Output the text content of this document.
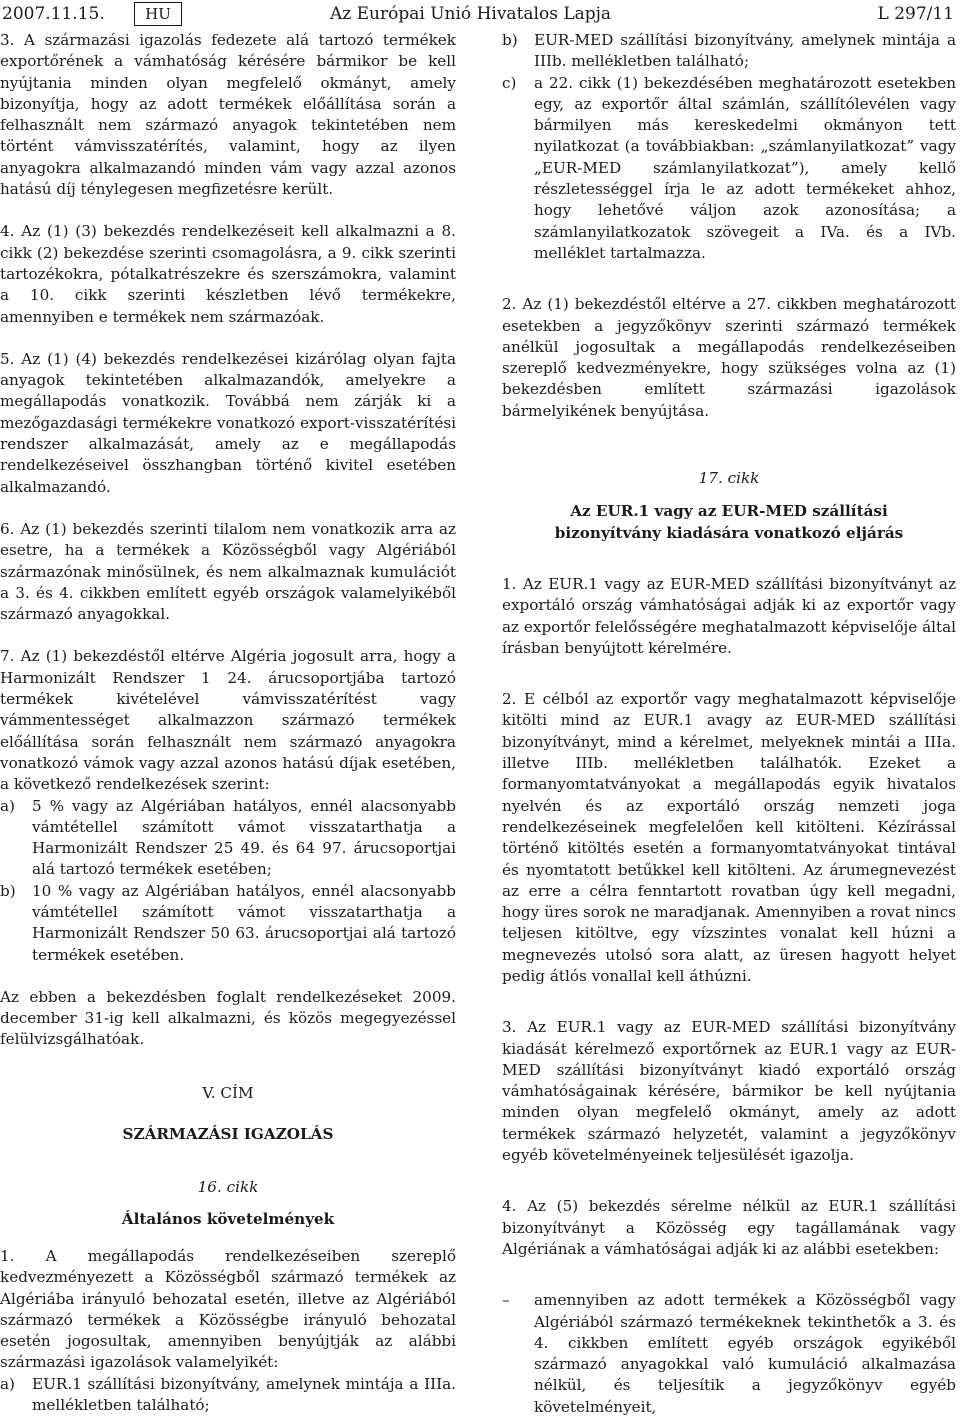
2007.11.15.	HU	Az Európai Unió Hivatalos Lapja	L 297/11

3. A származási igazolás fedezete alá tartozó termékek exportőrének a vámhatóság kérésére bármikor be kell nyújtania minden olyan megfelelő okmányt, amely bizonyítja, hogy az adott termékek előállítása során a felhasznált nem származó anyagok tekintetében nem történt vámvisszatérítés, valamint, hogy az ilyen anyagokra alkalmazandó minden vám vagy azzal azonos hatású díj ténylegesen megfizetésre került.

4. Az (1) (3) bekezdés rendelkezéseit kell alkalmazni a 8. cikk (2) bekezdése szerinti csomagolásra, a 9. cikk szerinti tartozékokra, pótalkatrészekre és szerszámokra, valamint a 10. cikk szerinti készletben lévő termékekre, amennyiben e termékek nem származóak.

5. Az (1) (4) bekezdés rendelkezései kizárólag olyan fajta anyagok tekintetében alkalmazandók, amelyekre a megállapodás vonatkozik. Továbbá nem zárják ki a mezőgazdasági termékekre vonatkozó export-visszatérítési rendszer alkalmazását, amely az e megállapodás rendelkezéseivel összhangban történő kivitel esetében alkalmazandó.

6. Az (1) bekezdés szerinti tilalom nem vonatkozik arra az esetre, ha a termékek a Közösségből vagy Algériából származónak minősülnek, és nem alkalmaznak kumulációt a 3. és 4. cikkben említett egyéb országok valamelyikéből származó anyagokkal.

7. Az (1) bekezdéstől eltérve Algéria jogosult arra, hogy a Harmonizált Rendszer 1 24. árucsoportjába tartozó termékek kivételével vámvisszatérítést vagy vámmentességet alkalmazzon származó termékek előállítása során felhasznált nem származó anyagokra vonatkozó vámok vagy azzal azonos hatású díjak esetében, a következő rendelkezések szerint:

a)	5 % vagy az Algériában hatályos, ennél alacsonyabb vámtétellel számított vámot visszatarthatja a Harmonizált Rendszer 25 49. és 64 97. árucsoportjai alá tartozó termékek esetében;
b)	10 % vagy az Algériában hatályos, ennél alacsonyabb vámtétellel számított vámot visszatarthatja a Harmonizált Rendszer 50 63. árucsoportjai alá tartozó termékek esetében.

Az ebben a bekezdésben foglalt rendelkezéseket 2009. december 31-ig kell alkalmazni, és közös megegyezéssel felülvizsgálhatóak.

V. CÍM

SZÁRMAZÁSI IGAZOLÁS

16. cikk

Általános követelmények

1. A megállapodás rendelkezéseiben szereplő kedvezményezett a Közösségből származó termékek az Algériába irányuló behozatal esetén, illetve az Algériából származó termékek a Közösségbe irányuló behozatal esetén jogosultak, amennyiben benyújtják az alábbi származási igazolások valamelyikét:

a)	EUR.1 szállítási bizonyítvány, amelynek mintája a IIIa. mellékletben található;
b)	EUR-MED szállítási bizonyítvány, amelynek mintája a IIIb. mellékletben található;
c)	a 22. cikk (1) bekezdésében meghatározott esetekben egy, az exportőr által számlán, szállítólevélen vagy bármilyen más kereskedelmi okmányon tett nyilatkozat (a továbbiakban: „számlanyilatkozat” vagy „EUR-MED számlanyilatkozat”), amely kellő részletességgel írja le az adott termékeket ahhoz, hogy lehetővé váljon azok azonosítása; a számlanyilatkozatok szövegeit a IVa. és a IVb. melléklet tartalmazza.

2. Az (1) bekezdéstől eltérve a 27. cikkben meghatározott esetekben a jegyzőkönyv szerinti származó termékek anélkül jogosultak a megállapodás rendelkezéseiben szereplő kedvezményekre, hogy szükséges volna az (1) bekezdésben említett származási igazolások bármelyikének benyújtása.

17. cikk

Az EUR.1 vagy az EUR-MED szállítási bizonyítvány kiadására vonatkozó eljárás

1. Az EUR.1 vagy az EUR-MED szállítási bizonyítványt az exportáló ország vámhatóságai adják ki az exportőr vagy az exportőr felelősségére meghatalmazott képviselője által írásban benyújtott kérelmére.

2. E célból az exportőr vagy meghatalmazott képviselője kitölti mind az EUR.1 avagy az EUR-MED szállítási bizonyítványt, mind a kérelmet, melyeknek mintái a IIIa. illetve IIIb. mellékletben találhatók. Ezeket a formanyomtatványokat a megállapodás egyik hivatalos nyelvén és az exportáló ország nemzeti joga rendelkezéseinek megfelelően kell kitölteni. Kézírással történő kitöltés esetén a formanyomtatványokat tintával és nyomtatott betűkkel kell kitölteni. Az árumegnevezést az erre a célra fenntartott rovatban úgy kell megadni, hogy üres sorok ne maradjanak. Amennyiben a rovat nincs teljesen kitöltve, egy vízszintes vonalat kell húzni a megnevezés utolsó sora alatt, az üresen hagyott helyet pedig átlós vonallal kell áthúzni.

3. Az EUR.1 vagy az EUR-MED szállítási bizonyítvány kiadását kérelmező exportőrnek az EUR.1 vagy az EUR-MED szállítási bizonyítványt kiadó exportáló ország vámhatóságainak kérésére, bármikor be kell nyújtania minden olyan megfelelő okmányt, amely az adott termékek származó helyzetét, valamint a jegyzőkönyv egyéb követelményeinek teljesülését igazolja.

4. Az (5) bekezdés sérelme nélkül az EUR.1 szállítási bizonyítványt a Közösség egy tagállamának vagy Algériának a vámhatóságai adják ki az alábbi esetekben:

–	amennyiben az adott termékek a Közösségből vagy Algériából származó termékeknek tekinthetők a 3. és 4. cikkben említett egyéb országok egyikéből származó anyagokkal való kumuláció alkalmazása nélkül, és teljesítik a jegyzőkönyv egyéb követelményeit,
